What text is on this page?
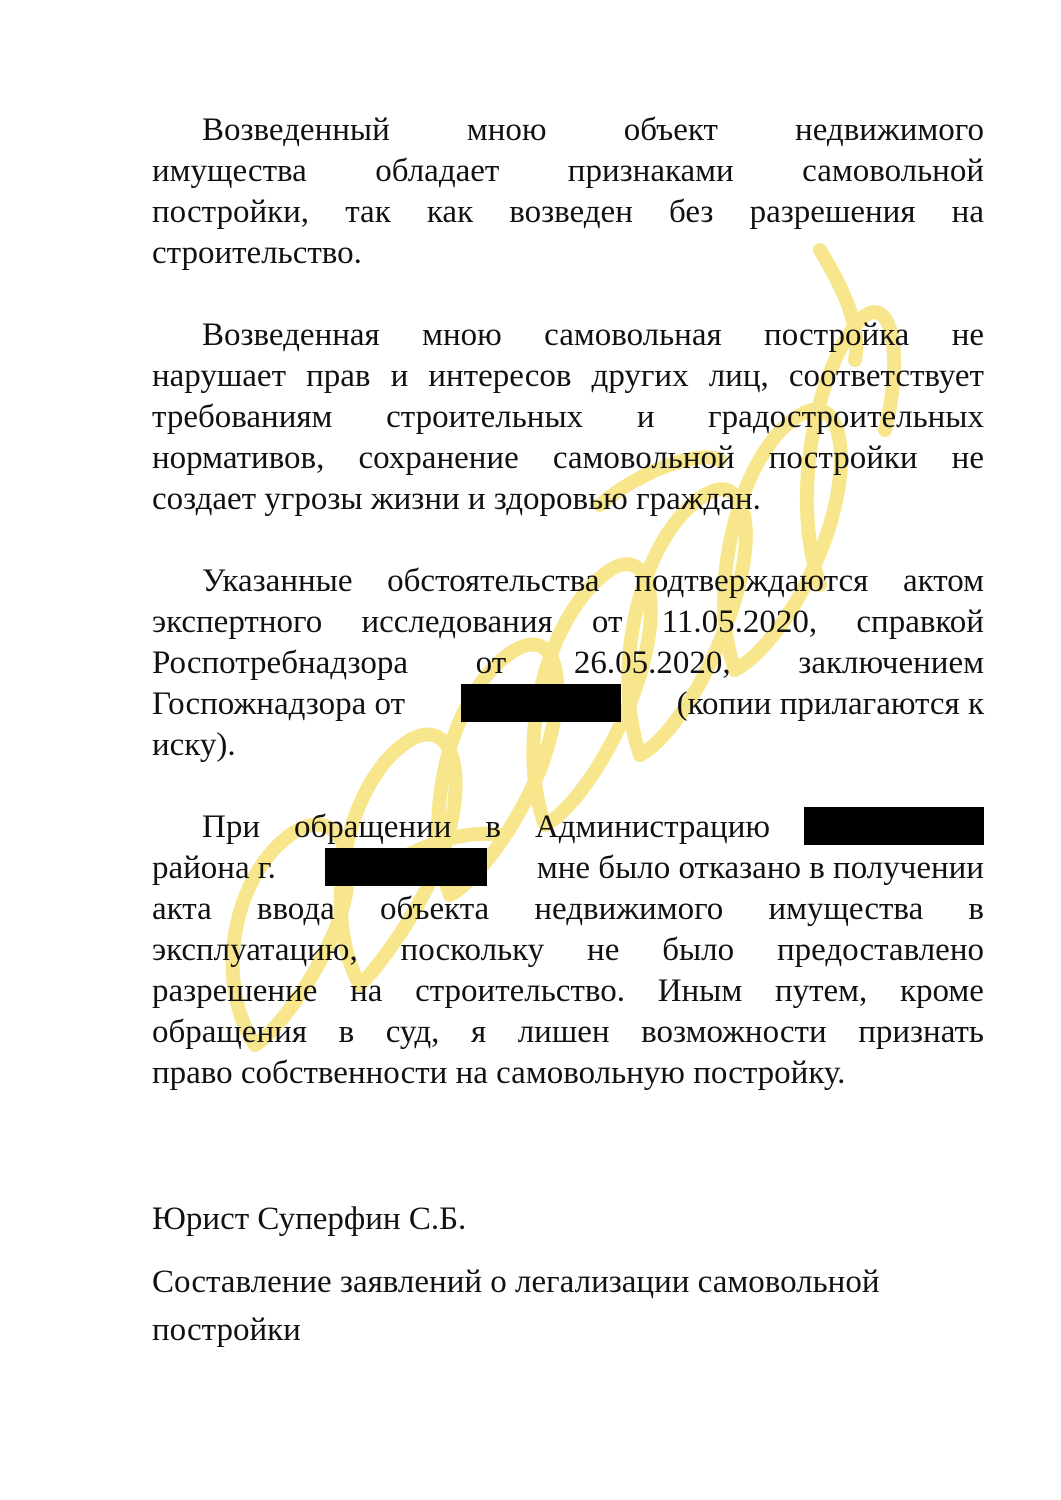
Возведенный мною объект недвижимого
имущества обладает признаками самовольной
постройки, так как возведен без разрешения на
строительство.
Возведенная мною самовольная постройка не
нарушает прав и интересов других лиц, соответствует
требованиям строительных и градостроительных
нормативов, сохранение самовольной постройки не
создает угрозы жизни и здоровью граждан.
Указанные обстоятельства подтверждаются актом
экспертного исследования от 11.05.2020, справкой
Роспотребнадзора от 26.05.2020, заключением
Госпожнадзора от	(копии прилагаются к
иску).
При обращении в Администрацию
района г.	мне было отказано в получении
акта ввода объекта недвижимого имущества в
эксплуатацию, поскольку не было предоставлено
разрешение на строительство. Иным путем, кроме
обращения в суд, я лишен возможности признать
право собственности на самовольную постройку.
Юрист Суперфин С.Б.
Составление заявлений о легализации самовольной
постройки
